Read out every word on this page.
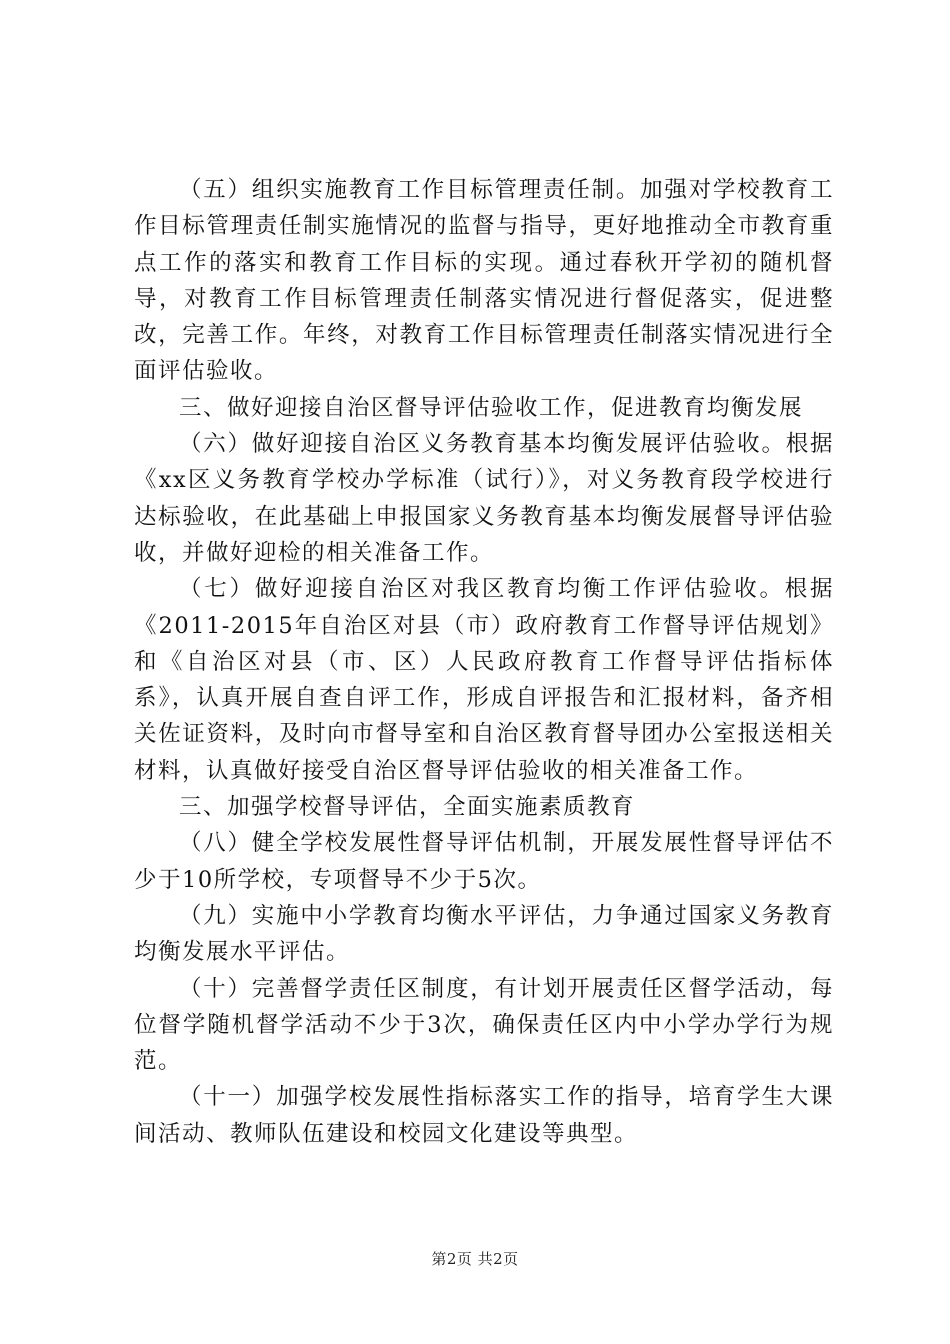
（五）组织实施教育工作目标管理责任制。加强对学校教育工作目标管理责任制实施情况的监督与指导，更好地推动全市教育重点工作的落实和教育工作目标的实现。通过春秋开学初的随机督导，对教育工作目标管理责任制落实情况进行督促落实，促进整改，完善工作。年终，对教育工作目标管理责任制落实情况进行全面评估验收。

三、做好迎接自治区督导评估验收工作，促进教育均衡发展

（六）做好迎接自治区义务教育基本均衡发展评估验收。根据《xx区义务教育学校办学标准（试行）》，对义务教育段学校进行达标验收，在此基础上申报国家义务教育基本均衡发展督导评估验收，并做好迎检的相关准备工作。

（七）做好迎接自治区对我区教育均衡工作评估验收。根据《2011-2015年自治区对县（市）政府教育工作督导评估规划》和《自治区对县（市、区）人民政府教育工作督导评估指标体系》，认真开展自查自评工作，形成自评报告和汇报材料，备齐相关佐证资料，及时向市督导室和自治区教育督导团办公室报送相关材料，认真做好接受自治区督导评估验收的相关准备工作。

三、加强学校督导评估，全面实施素质教育

（八）健全学校发展性督导评估机制，开展发展性督导评估不少于10所学校，专项督导不少于5次。

（九）实施中小学教育均衡水平评估，力争通过国家义务教育均衡发展水平评估。

（十）完善督学责任区制度，有计划开展责任区督学活动，每位督学随机督学活动不少于3次，确保责任区内中小学办学行为规范。

（十一）加强学校发展性指标落实工作的指导，培育学生大课间活动、教师队伍建设和校园文化建设等典型。

第2页 共2页
